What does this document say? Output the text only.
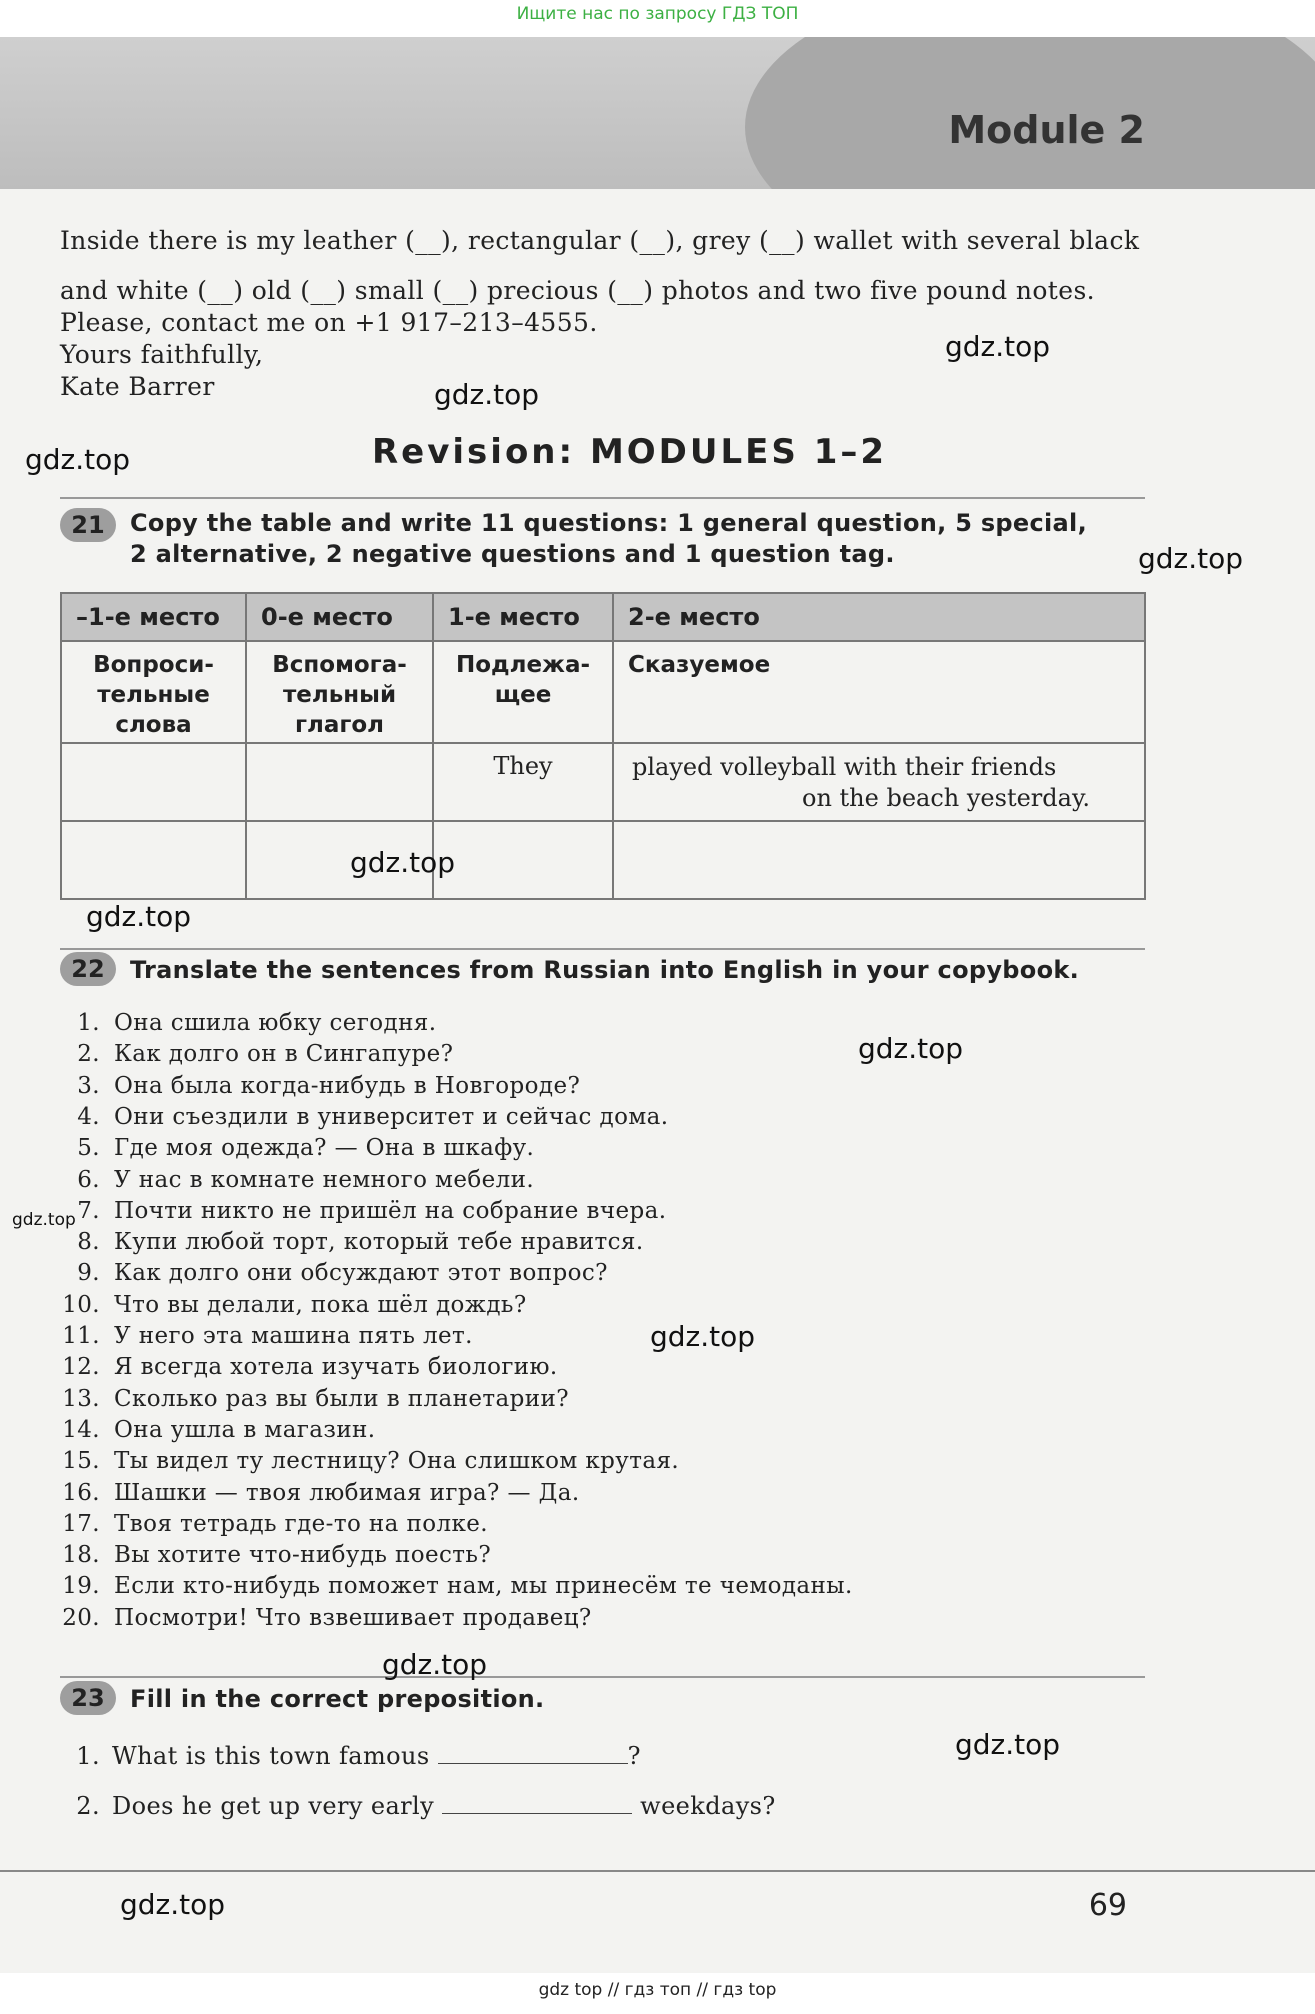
Ищите нас по запросу ГДЗ ТОП
Module 2
Inside there is my leather (__), rectangular (__), grey (__) wallet with several black
and white (__) old (__) small (__) precious (__) photos and two five pound notes.
Please, contact me on +1 917–213–4555.
Yours faithfully,
Kate Barrer
Revision: MODULES 1–2
21	Copy the table and write 11 questions: 1 general question, 5 special,
2 alternative, 2 negative questions and 1 question tag.
–1-е место	0-е место	1-е место	2-е место

Вопроси-
тельные
слова	Вспомога-
тельный
глагол	Подлежа-
щее	Сказуемое

		They	played volleyball with their friends
on the beach yesterday.

22	Translate the sentences from Russian into English in your copybook.
1. Она сшила юбку сегодня.
2. Как долго он в Сингапуре?
3. Она была когда-нибудь в Новгороде?
4. Они съездили в университет и сейчас дома.
5. Где моя одежда? — Она в шкафу.
6. У нас в комнате немного мебели.
7. Почти никто не пришёл на собрание вчера.
8. Купи любой торт, который тебе нравится.
9. Как долго они обсуждают этот вопрос?
10. Что вы делали, пока шёл дождь?
11. У него эта машина пять лет.
12. Я всегда хотела изучать биологию.
13. Сколько раз вы были в планетарии?
14. Она ушла в магазин.
15. Ты видел ту лестницу? Она слишком крутая.
16. Шашки — твоя любимая игра? — Да.
17. Твоя тетрадь где-то на полке.
18. Вы хотите что-нибудь поесть?
19. Если кто-нибудь поможет нам, мы принесём те чемоданы.
20. Посмотри! Что взвешивает продавец?
23	Fill in the correct preposition.
1. What is this town famous	?
2. Does he get up very early	weekdays?
gdz.top
gdz.top
gdz.top
gdz.top
gdz.top
gdz.top
gdz.top
gdz.top
gdz.top
gdz.top
gdz.top
gdz.top	69
gdz top // гдз топ // гдз top
